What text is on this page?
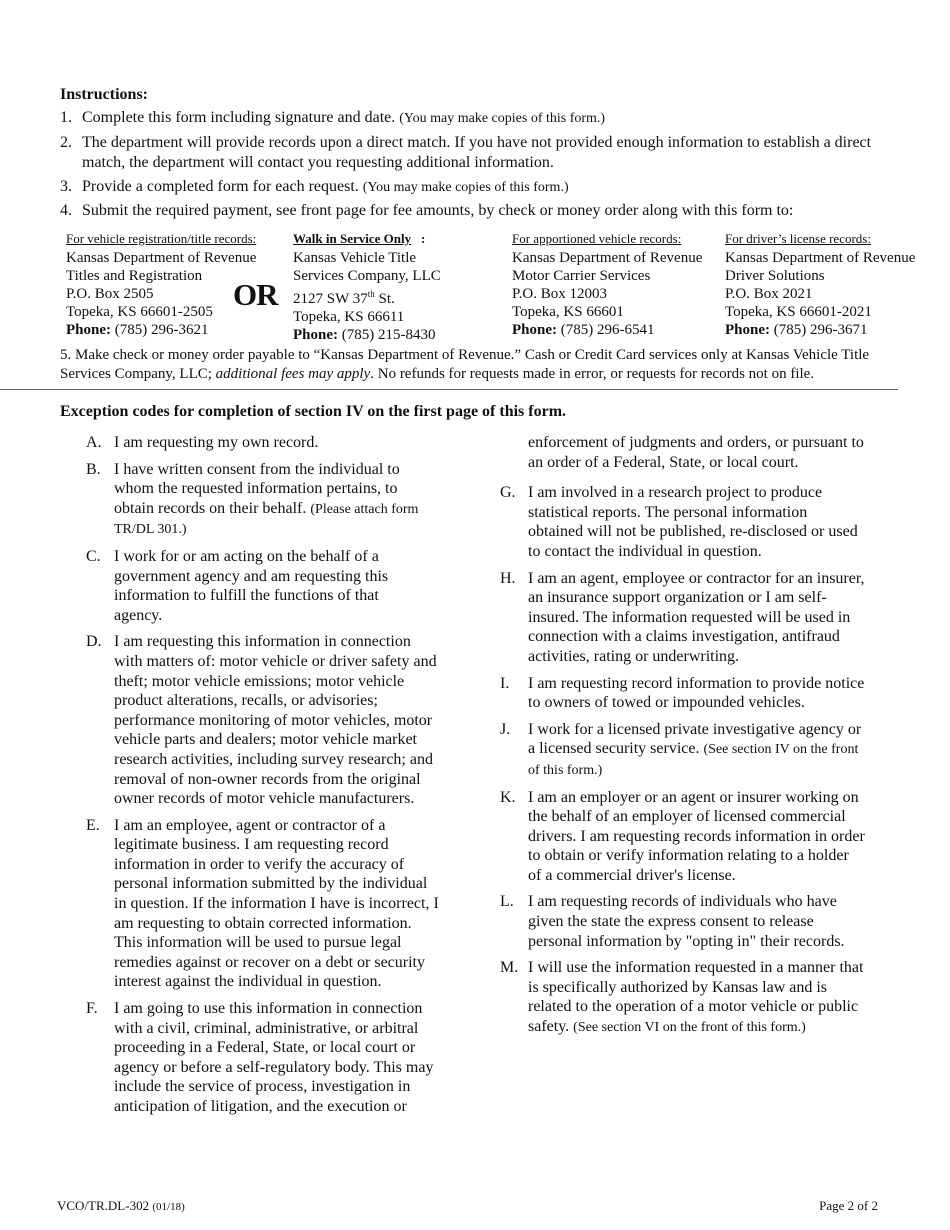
Instructions:
1. Complete this form including signature and date. (You may make copies of this form.)
2. The department will provide records upon a direct match. If you have not provided enough information to establish a direct match, the department will contact you requesting additional information.
3. Provide a completed form for each request. (You may make copies of this form.)
4. Submit the required payment, see front page for fee amounts, by check or money order along with this form to:
For vehicle registration/title records:
Kansas Department of Revenue
Titles and Registration
P.O. Box 2505
Topeka, KS 66601-2505
Phone: (785) 296-3621
OR
Walk in Service Only :
Kansas Vehicle Title
Services Company, LLC
2127 SW 37th St.
Topeka, KS 66611
Phone: (785) 215-8430
For apportioned vehicle records:
Kansas Department of Revenue
Motor Carrier Services
P.O. Box 12003
Topeka, KS 66601
Phone: (785) 296-6541
For driver’s license records:
Kansas Department of Revenue
Driver Solutions
P.O. Box 2021
Topeka, KS 66601-2021
Phone: (785) 296-3671
5. Make check or money order payable to “Kansas Department of Revenue.” Cash or Credit Card services only at Kansas Vehicle Title Services Company, LLC; additional fees may apply. No refunds for requests made in error, or requests for records not on file.
Exception codes for completion of section IV on the first page of this form.
A. I am requesting my own record.
B. I have written consent from the individual to whom the requested information pertains, to obtain records on their behalf. (Please attach form TR/DL 301.)
C. I work for or am acting on the behalf of a government agency and am requesting this information to fulfill the functions of that agency.
D. I am requesting this information in connection with matters of: motor vehicle or driver safety and theft; motor vehicle emissions; motor vehicle product alterations, recalls, or advisories; performance monitoring of motor vehicles, motor vehicle parts and dealers; motor vehicle market research activities, including survey research; and removal of non-owner records from the original owner records of motor vehicle manufacturers.
E. I am an employee, agent or contractor of a legitimate business. I am requesting record information in order to verify the accuracy of personal information submitted by the individual in question. If the information I have is incorrect, I am requesting to obtain corrected information. This information will be used to pursue legal remedies against or recover on a debt or security interest against the individual in question.
F. I am going to use this information in connection with a civil, criminal, administrative, or arbitral proceeding in a Federal, State, or local court or agency or before a self-regulatory body. This may include the service of process, investigation in anticipation of litigation, and the execution or
enforcement of judgments and orders, or pursuant to an order of a Federal, State, or local court.
G. I am involved in a research project to produce statistical reports. The personal information obtained will not be published, re-disclosed or used to contact the individual in question.
H. I am an agent, employee or contractor for an insurer, an insurance support organization or I am self- insured. The information requested will be used in connection with a claims investigation, antifraud activities, rating or underwriting.
I. I am requesting record information to provide notice to owners of towed or impounded vehicles.
J. I work for a licensed private investigative agency or a licensed security service. (See section IV on the front of this form.)
K. I am an employer or an agent or insurer working on the behalf of an employer of licensed commercial drivers. I am requesting records information in order to obtain or verify information relating to a holder of a commercial driver's license.
L. I am requesting records of individuals who have given the state the express consent to release personal information by "opting in" their records.
M. I will use the information requested in a manner that is specifically authorized by Kansas law and is related to the operation of a motor vehicle or public safety. (See section VI on the front of this form.)
VCO/TR.DL-302 (01/18)	Page 2 of 2
